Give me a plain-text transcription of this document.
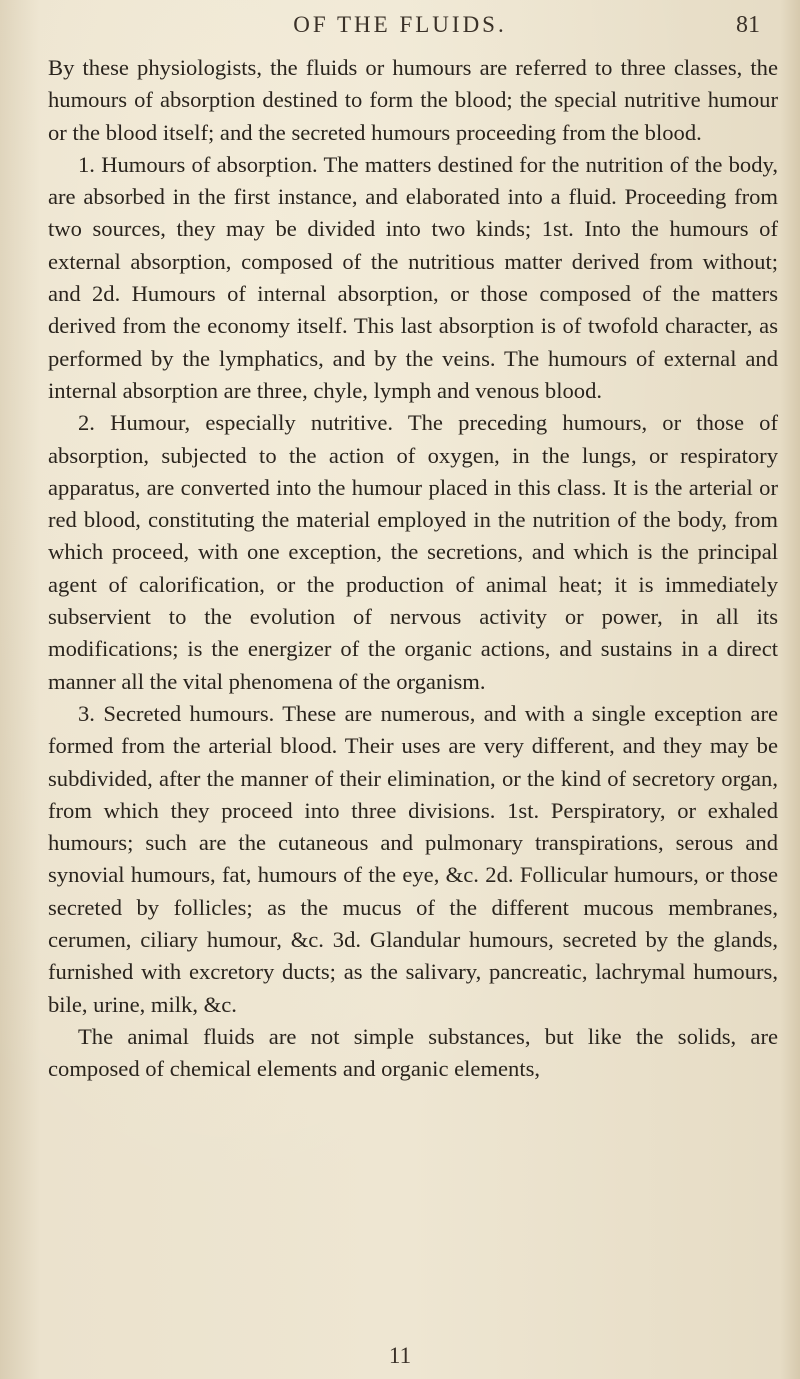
OF THE FLUIDS.	81

By these physiologists, the fluids or humours are referred to three classes, the humours of absorption destined to form the blood; the special nutritive humour or the blood itself; and the secreted humours proceeding from the blood.

1. Humours of absorption. The matters destined for the nutrition of the body, are absorbed in the first instance, and elaborated into a fluid. Proceeding from two sources, they may be divided into two kinds; 1st. Into the humours of external absorption, composed of the nutritious matter derived from without; and 2d. Humours of internal absorption, or those composed of the matters derived from the economy itself. This last absorption is of twofold character, as performed by the lymphatics, and by the veins. The humours of external and internal absorption are three, chyle, lymph and venous blood.

2. Humour, especially nutritive. The preceding humours, or those of absorption, subjected to the action of oxygen, in the lungs, or respiratory apparatus, are converted into the humour placed in this class. It is the arterial or red blood, constituting the material employed in the nutrition of the body, from which proceed, with one exception, the secretions, and which is the principal agent of calorification, or the production of animal heat; it is immediately subservient to the evolution of nervous activity or power, in all its modifications; is the energizer of the organic actions, and sustains in a direct manner all the vital phenomena of the organism.

3. Secreted humours. These are numerous, and with a single exception are formed from the arterial blood. Their uses are very different, and they may be subdivided, after the manner of their elimination, or the kind of secretory organ, from which they proceed into three divisions. 1st. Perspiratory, or exhaled humours; such are the cutaneous and pulmonary transpirations, serous and synovial humours, fat, humours of the eye, &c. 2d. Follicular humours, or those secreted by follicles; as the mucus of the different mucous membranes, cerumen, ciliary humour, &c. 3d. Glandular humours, secreted by the glands, furnished with excretory ducts; as the salivary, pancreatic, lachrymal humours, bile, urine, milk, &c.

The animal fluids are not simple substances, but like the solids, are composed of chemical elements and organic elements,

11
